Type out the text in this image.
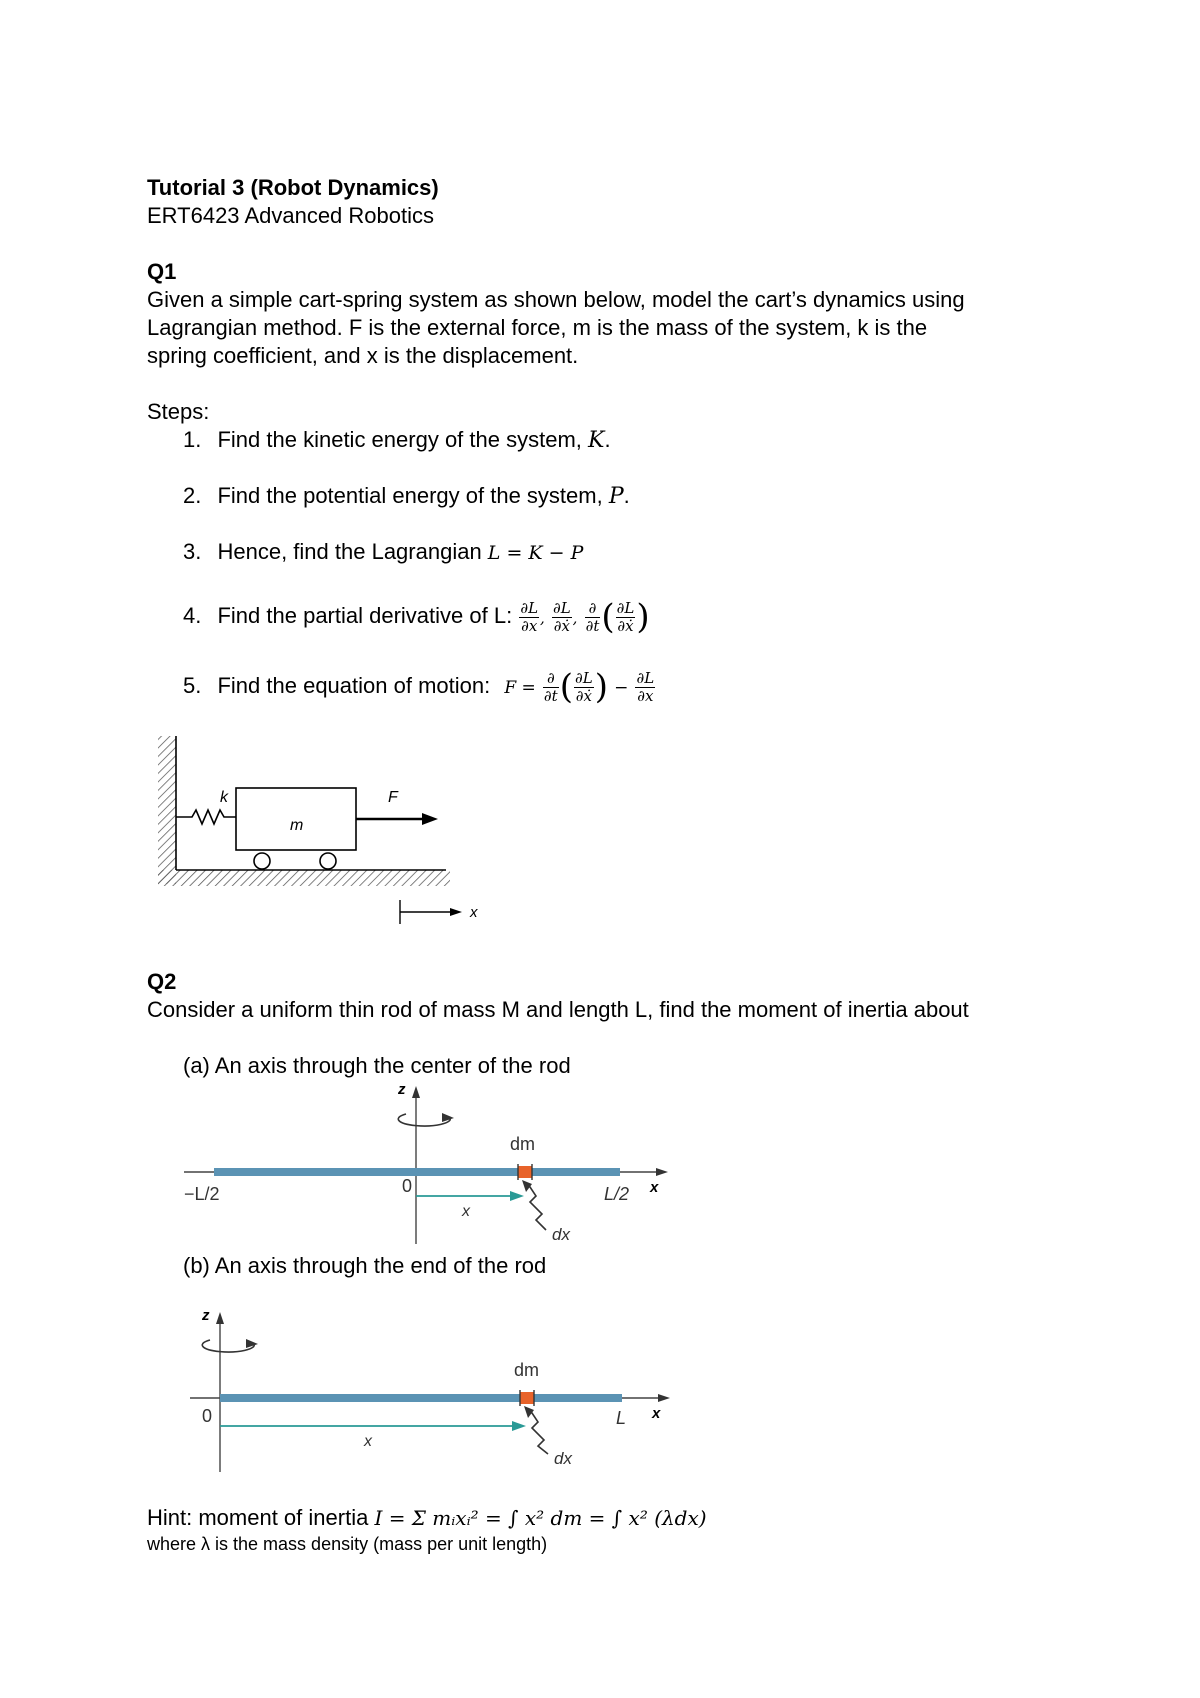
Tutorial 3 (Robot Dynamics)
ERT6423 Advanced Robotics
Q1
Given a simple cart-spring system as shown below, model the cart’s dynamics using
Lagrangian method. F is the external force, m is the mass of the system, k is the
spring coefficient, and x is the displacement.
Steps:
1. Find the kinetic energy of the system, K.
2. Find the potential energy of the system, P.
3. Hence, find the Lagrangian L = K − P
4. Find the partial derivative of L: $\frac{\partial L}{\partial x}$ , $\frac{\partial L}{\text{∂ẋ}}$ , $\frac{\partial}{\partial t}$ ( $\frac{\partial L}{\text{∂ẋ}}$ )
5. Find the equation of motion: $F = \frac{\partial}{\partial t}$ ( $\frac{\partial L}{\text{∂ẋ}}$ ) − $\frac{\partial L}{\partial x}$
k
m
F
x
Q2
Consider a uniform thin rod of mass M and length L, find the moment of inertia about
(a) An axis through the center of the rod
z
x
dm
−L/2	0	L/2
x
dx
(b) An axis through the end of the rod
z
x
dm
0	L
x
dx
Hint: moment of inertia I = Σ mᵢxᵢ² = ∫ x² dm = ∫ x² (λdx)
where λ is the mass density (mass per unit length)
